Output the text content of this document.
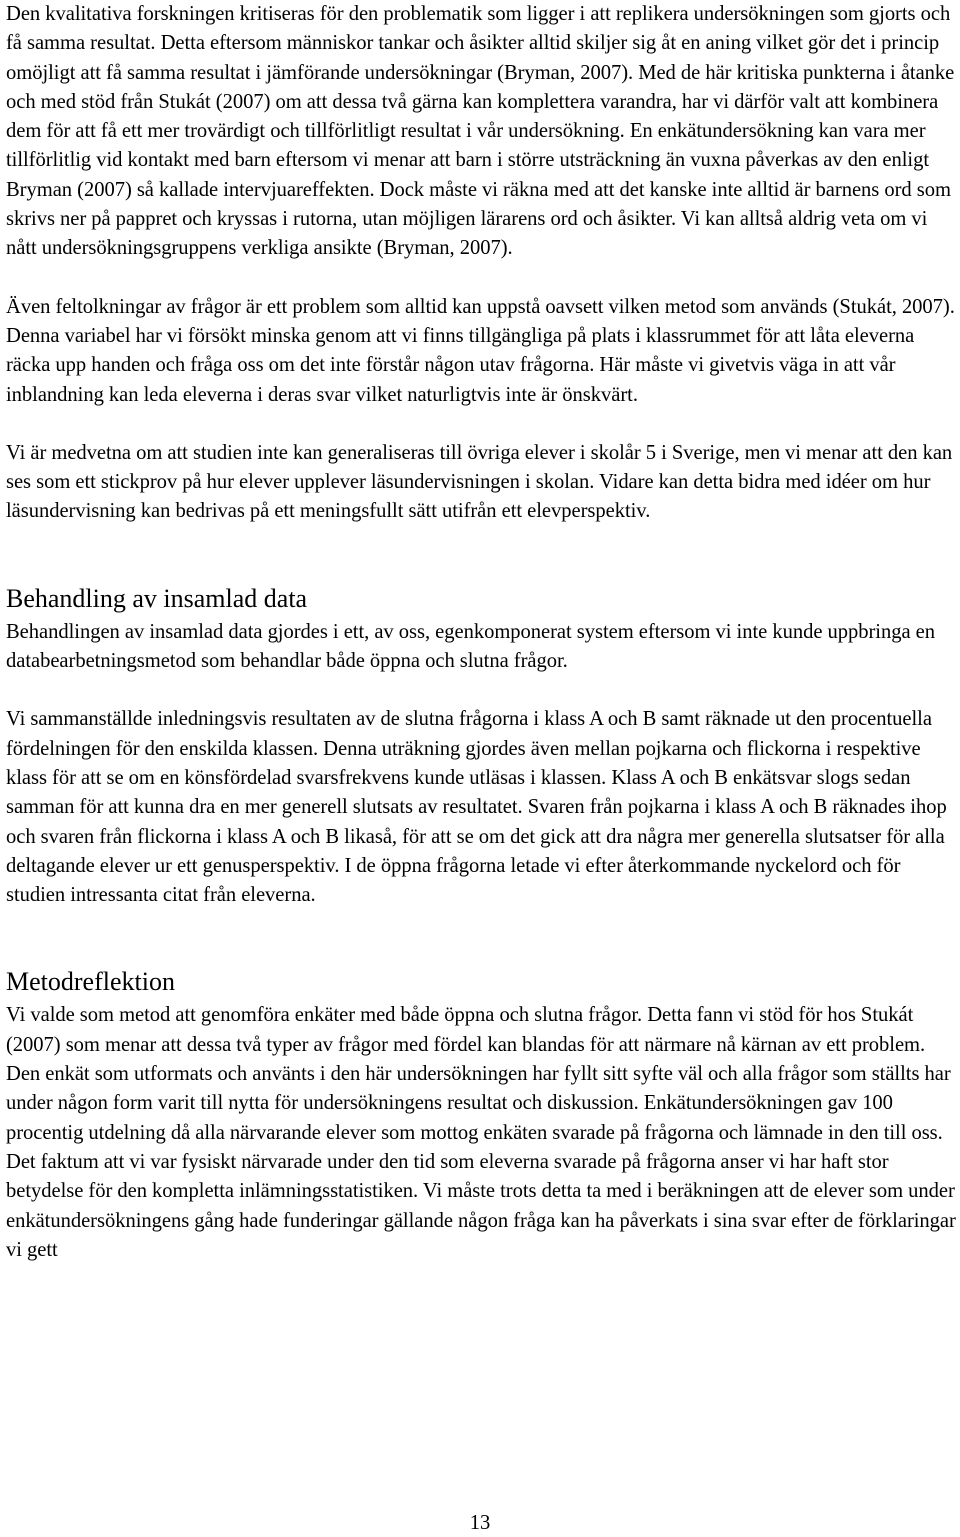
Den kvalitativa forskningen kritiseras för den problematik som ligger i att replikera undersökningen som gjorts och få samma resultat. Detta eftersom människor tankar och åsikter alltid skiljer sig åt en aning vilket gör det i princip omöjligt att få samma resultat i jämförande undersökningar (Bryman, 2007). Med de här kritiska punkterna i åtanke och med stöd från Stukát (2007) om att dessa två gärna kan komplettera varandra, har vi därför valt att kombinera dem för att få ett mer trovärdigt och tillförlitligt resultat i vår undersökning. En enkätundersökning kan vara mer tillförlitlig vid kontakt med barn eftersom vi menar att barn i större utsträckning än vuxna påverkas av den enligt Bryman (2007) så kallade intervjuareffekten. Dock måste vi räkna med att det kanske inte alltid är barnens ord som skrivs ner på pappret och kryssas i rutorna, utan möjligen lärarens ord och åsikter. Vi kan alltså aldrig veta om vi nått undersökningsgruppens verkliga ansikte (Bryman, 2007).

Även feltolkningar av frågor är ett problem som alltid kan uppstå oavsett vilken metod som används (Stukát, 2007). Denna variabel har vi försökt minska genom att vi finns tillgängliga på plats i klassrummet för att låta eleverna räcka upp handen och fråga oss om det inte förstår någon utav frågorna. Här måste vi givetvis väga in att vår inblandning kan leda eleverna i deras svar vilket naturligtvis inte är önskvärt.

Vi är medvetna om att studien inte kan generaliseras till övriga elever i skolår 5 i Sverige, men vi menar att den kan ses som ett stickprov på hur elever upplever läsundervisningen i skolan. Vidare kan detta bidra med idéer om hur läsundervisning kan bedrivas på ett meningsfullt sätt utifrån ett elevperspektiv.

Behandling av insamlad data

Behandlingen av insamlad data gjordes i ett, av oss, egenkomponerat system eftersom vi inte kunde uppbringa en databearbetningsmetod som behandlar både öppna och slutna frågor.

Vi sammanställde inledningsvis resultaten av de slutna frågorna i klass A och B samt räknade ut den procentuella fördelningen för den enskilda klassen. Denna uträkning gjordes även mellan pojkarna och flickorna i respektive klass för att se om en könsfördelad svarsfrekvens kunde utläsas i klassen. Klass A och B enkätsvar slogs sedan samman för att kunna dra en mer generell slutsats av resultatet. Svaren från pojkarna i klass A och B räknades ihop och svaren från flickorna i klass A och B likaså, för att se om det gick att dra några mer generella slutsatser för alla deltagande elever ur ett genusperspektiv. I de öppna frågorna letade vi efter återkommande nyckelord och för studien intressanta citat från eleverna.

Metodreflektion

Vi valde som metod att genomföra enkäter med både öppna och slutna frågor. Detta fann vi stöd för hos Stukát (2007) som menar att dessa två typer av frågor med fördel kan blandas för att närmare nå kärnan av ett problem. Den enkät som utformats och använts i den här undersökningen har fyllt sitt syfte väl och alla frågor som ställts har under någon form varit till nytta för undersökningens resultat och diskussion. Enkätundersökningen gav 100 procentig utdelning då alla närvarande elever som mottog enkäten svarade på frågorna och lämnade in den till oss. Det faktum att vi var fysiskt närvarade under den tid som eleverna svarade på frågorna anser vi har haft stor betydelse för den kompletta inlämningsstatistiken. Vi måste trots detta ta med i beräkningen att de elever som under enkätundersökningens gång hade funderingar gällande någon fråga kan ha påverkats i sina svar efter de förklaringar vi gett

13
